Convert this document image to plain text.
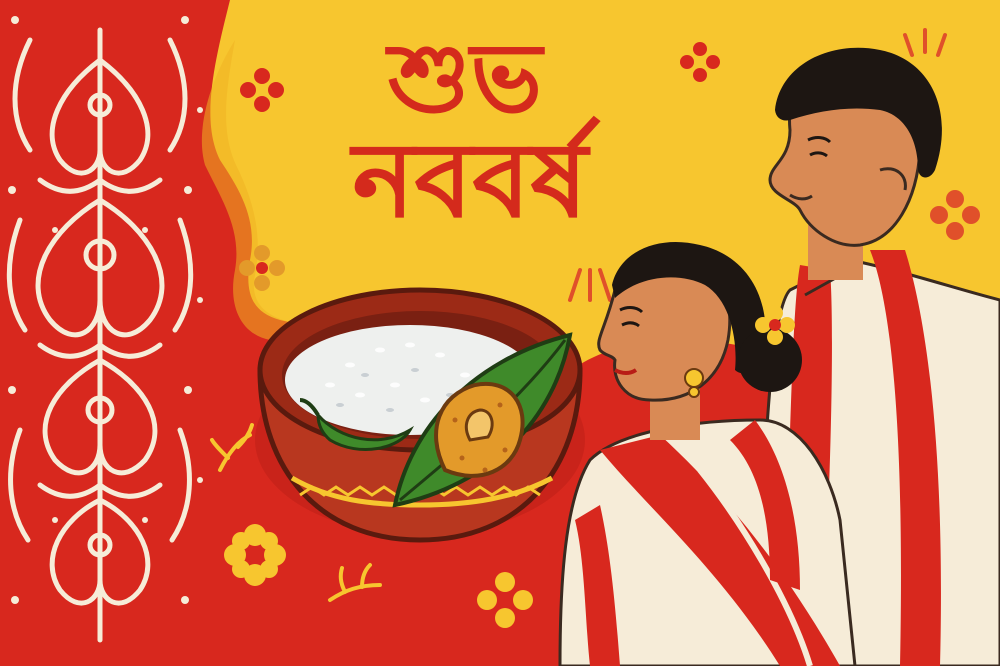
শুভ
নববর্ষ
